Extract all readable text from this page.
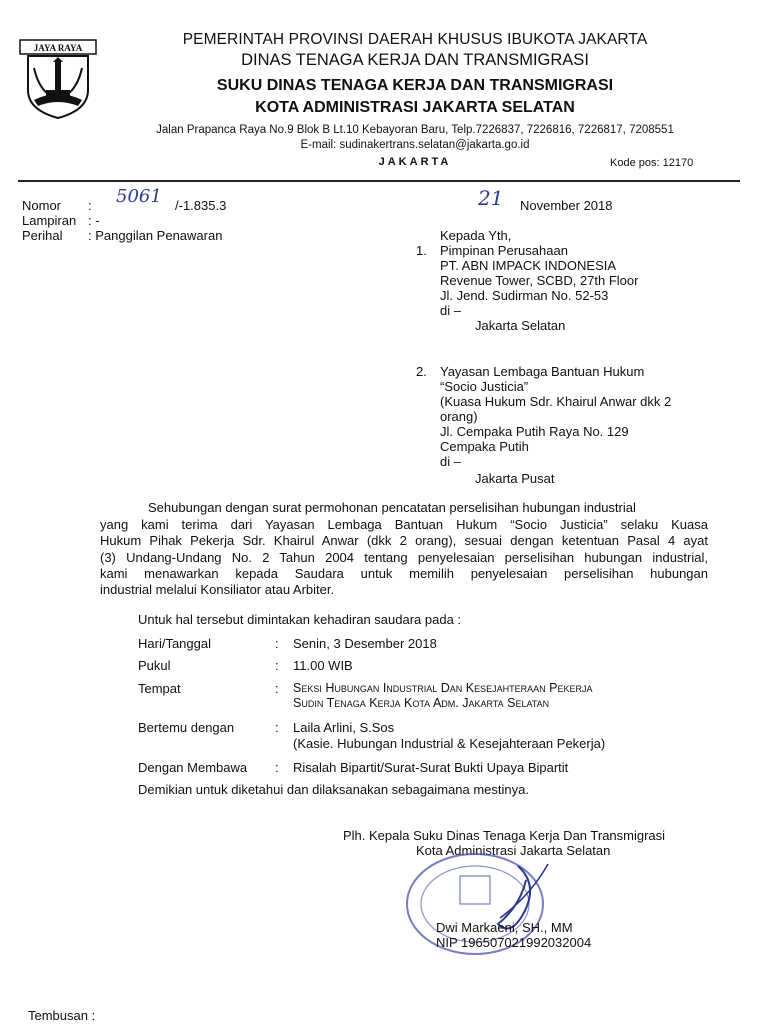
JAYA RAYA	PEMERINTAH PROVINSI DAERAH KHUSUS IBUKOTA JAKARTA
DINAS TENAGA KERJA DAN TRANSMIGRASI
SUKU DINAS TENAGA KERJA DAN TRANSMIGRASI
KOTA ADMINISTRASI JAKARTA SELATAN
Jalan Prapanca Raya No.9 Blok B Lt.10 Kebayoran Baru, Telp.7226837, 7226816, 7226817, 7208551
E-mail: sudinakertrans.selatan@jakarta.go.id
JAKARTA	Kode pos: 12170
Nomor : 5061 /-1.835.3
Lampiran : -
Perihal : Panggilan Penawaran
21 November 2018
Kepada Yth,
1. Pimpinan Perusahaan
PT. ABN IMPACK INDONESIA
Revenue Tower, SCBD, 27th Floor
Jl. Jend. Sudirman No. 52-53
di –
Jakarta Selatan
2. Yayasan Lembaga Bantuan Hukum
“Socio Justicia”
(Kuasa Hukum Sdr. Khairul Anwar dkk 2
orang)
Jl. Cempaka Putih Raya No. 129
Cempaka Putih
di –
Jakarta Pusat
Sehubungan dengan surat permohonan pencatatan perselisihan hubungan industrial
yang kami terima dari Yayasan Lembaga Bantuan Hukum “Socio Justicia” selaku Kuasa
Hukum Pihak Pekerja Sdr. Khairul Anwar (dkk 2 orang), sesuai dengan ketentuan Pasal 4 ayat
(3) Undang-Undang No. 2 Tahun 2004 tentang penyelesaian perselisihan hubungan industrial,
kami menawarkan kepada Saudara untuk memilih penyelesaian perselisihan hubungan
industrial melalui Konsiliator atau Arbiter.
Untuk hal tersebut dimintakan kehadiran saudara pada :
Hari/Tanggal	: Senin, 3 Desember 2018
Pukul	: 11.00 WIB
Tempat	: Seksi Hubungan Industrial Dan Kesejahteraan Pekerja
Sudin Tenaga Kerja Kota Adm. Jakarta Selatan
Bertemu dengan	: Laila Arlini, S.Sos
(Kasie. Hubungan Industrial & Kesejahteraan Pekerja)
Dengan Membawa : Risalah Bipartit/Surat-Surat Bukti Upaya Bipartit
Demikian untuk diketahui dan dilaksanakan sebagaimana mestinya.
Plh. Kepala Suku Dinas Tenaga Kerja Dan Transmigrasi
Kota Administrasi Jakarta Selatan
Dwi Markaeni, SH., MM
NIP 196507021992032004
Tembusan :
